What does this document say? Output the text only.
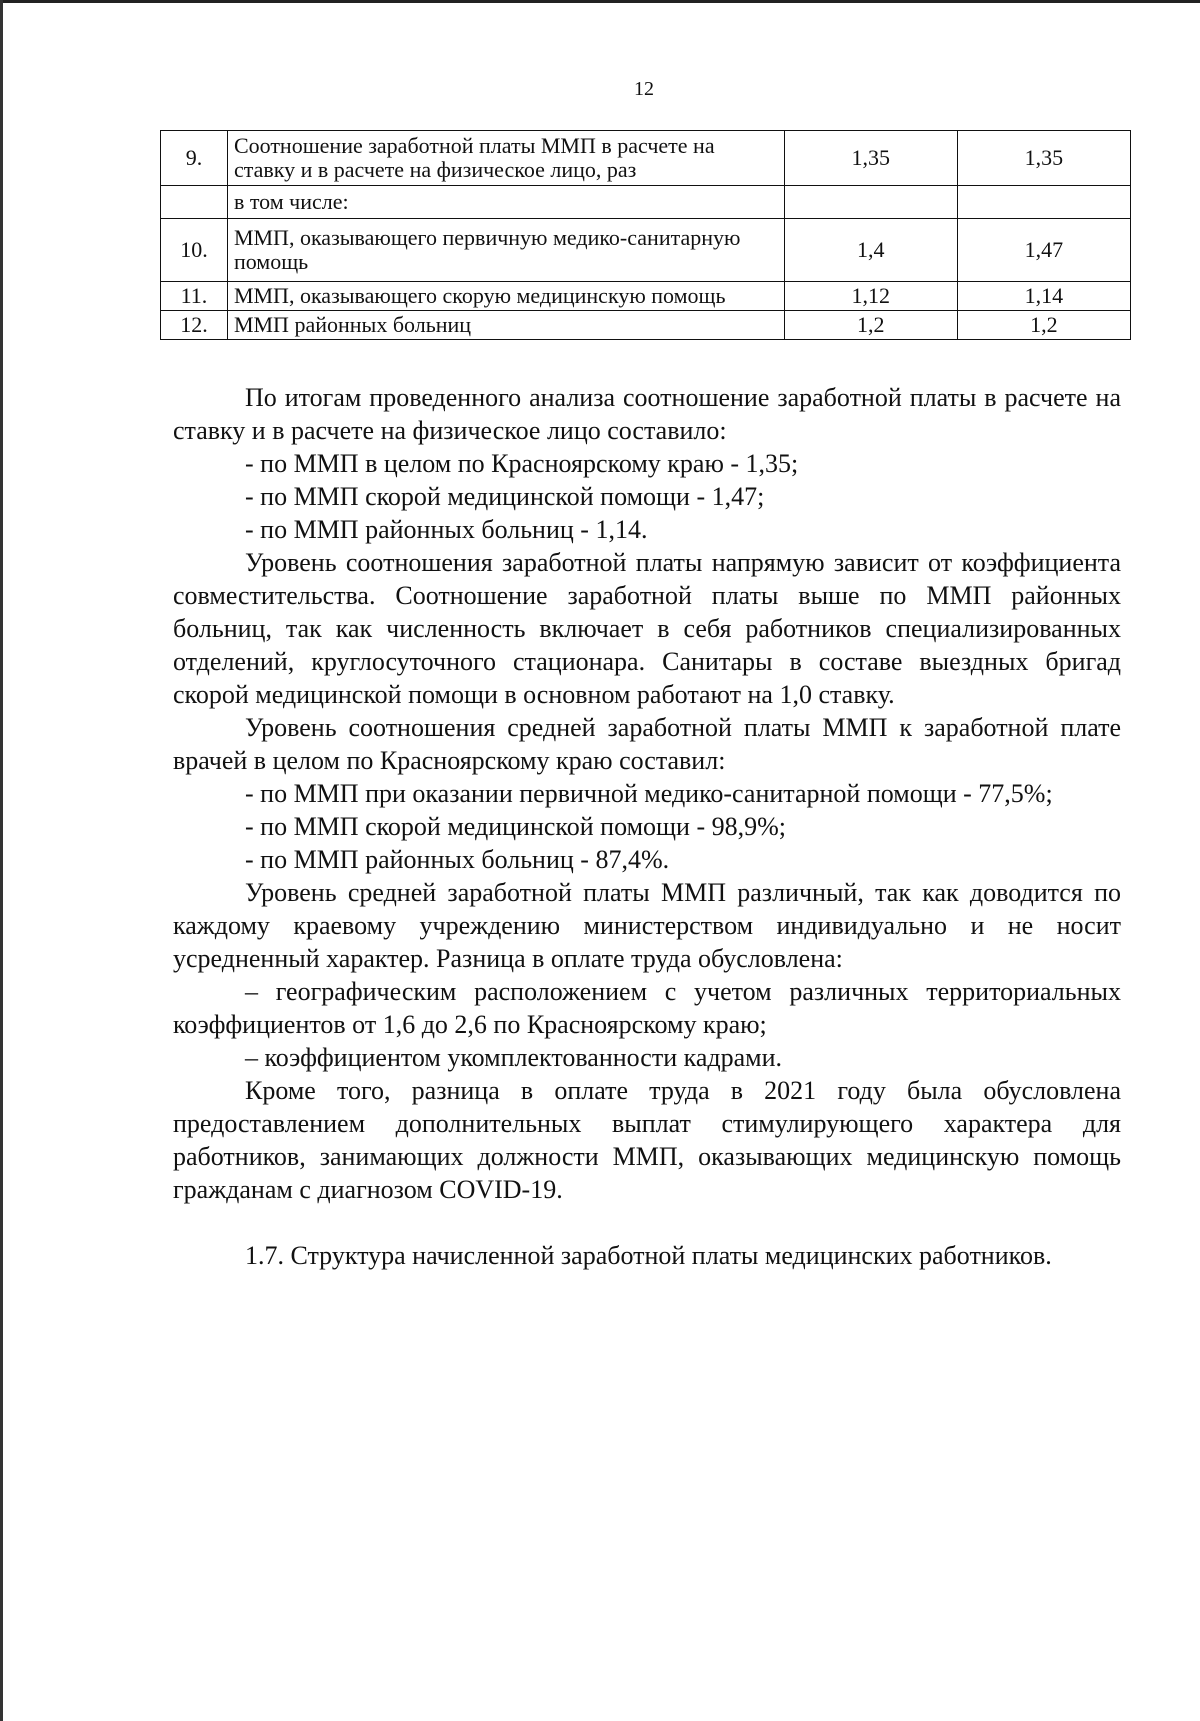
12
9.	Соотношение заработной платы ММП в расчете на ставку и в расчете на физическое лицо, раз	1,35	1,35
	в том числе:		
10.	ММП, оказывающего первичную медико-санитарную помощь	1,4	1,47
11.	ММП, оказывающего скорую медицинскую помощь	1,12	1,14
12.	ММП районных больниц	1,2	1,2

По итогам проведенного анализа соотношение заработной платы в расчете на ставку и в расчете на физическое лицо составило:

- по ММП в целом по Красноярскому краю - 1,35;

- по ММП скорой медицинской помощи - 1,47;

- по ММП районных больниц - 1,14.

Уровень соотношения заработной платы напрямую зависит от коэффициента совместительства. Соотношение заработной платы выше по ММП районных больниц, так как численность включает в себя работников специализированных отделений, круглосуточного стационара. Санитары в составе выездных бригад скорой медицинской помощи в основном работают на 1,0 ставку.

Уровень соотношения средней заработной платы ММП к заработной плате врачей в целом по Красноярскому краю составил:

- по ММП при оказании первичной медико-санитарной помощи - 77,5%;

- по ММП скорой медицинской помощи - 98,9%;

- по ММП районных больниц - 87,4%.

Уровень средней заработной платы ММП различный, так как доводится по каждому краевому учреждению министерством индивидуально и не носит усредненный характер. Разница в оплате труда обусловлена:

– географическим расположением с учетом различных территориальных коэффициентов от 1,6 до 2,6 по Красноярскому краю;

– коэффициентом укомплектованности кадрами.

Кроме того, разница в оплате труда в 2021 году была обусловлена предоставлением дополнительных выплат стимулирующего характера для работников, занимающих должности ММП, оказывающих медицинскую помощь гражданам с диагнозом COVID-19.

1.7. Структура начисленной заработной платы медицинских работников.
